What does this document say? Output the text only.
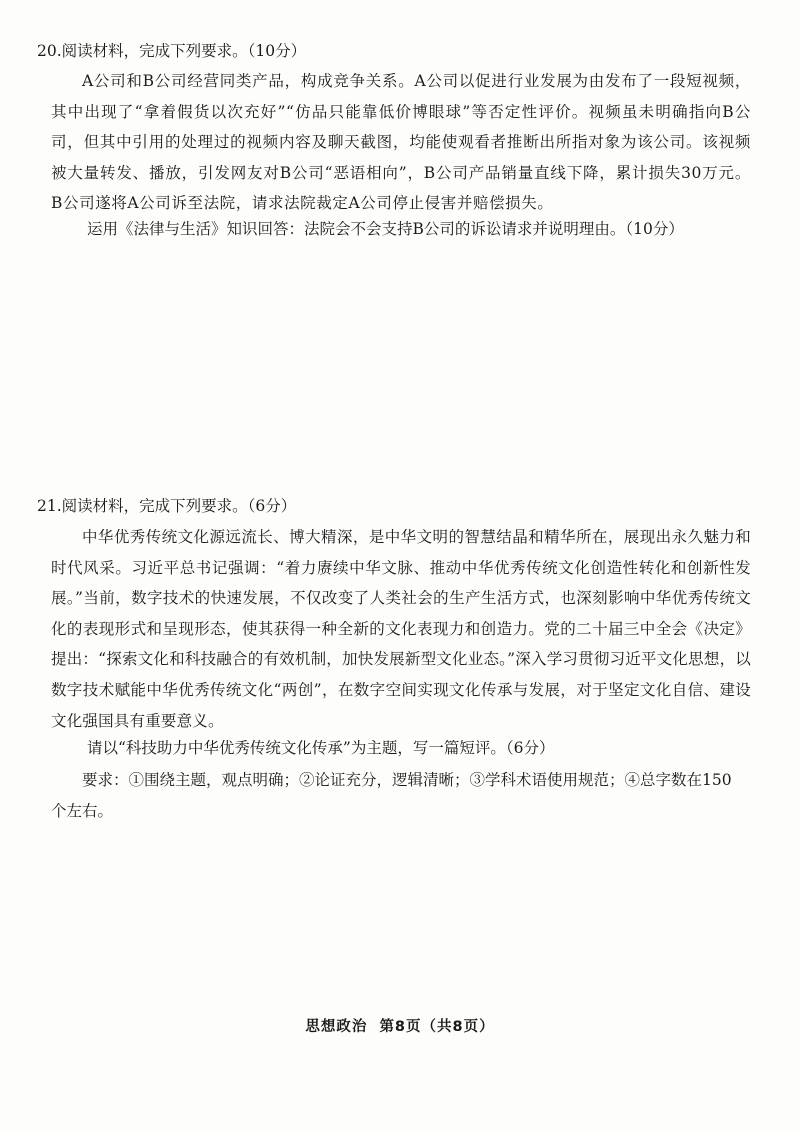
20.阅读材料，完成下列要求。（10分）

A公司和B公司经营同类产品，构成竞争关系。A公司以促进行业发展为由发布了一段短视频，其中出现了“拿着假货以次充好”“仿品只能靠低价博眼球”等否定性评价。视频虽未明确指向B公司，但其中引用的处理过的视频内容及聊天截图，均能使观看者推断出所指对象为该公司。该视频被大量转发、播放，引发网友对B公司“恶语相向”，B公司产品销量直线下降，累计损失30万元。B公司遂将A公司诉至法院，请求法院裁定A公司停止侵害并赔偿损失。

运用《法律与生活》知识回答：法院会不会支持B公司的诉讼请求并说明理由。（10分）
21.阅读材料，完成下列要求。（6分）

中华优秀传统文化源远流长、博大精深，是中华文明的智慧结晶和精华所在，展现出永久魅力和时代风采。习近平总书记强调：“着力赓续中华文脉、推动中华优秀传统文化创造性转化和创新性发展。”当前，数字技术的快速发展，不仅改变了人类社会的生产生活方式，也深刻影响中华优秀传统文化的表现形式和呈现形态，使其获得一种全新的文化表现力和创造力。党的二十届三中全会《决定》提出：“探索文化和科技融合的有效机制，加快发展新型文化业态。”深入学习贯彻习近平文化思想，以数字技术赋能中华优秀传统文化“两创”，在数字空间实现文化传承与发展，对于坚定文化自信、建设文化强国具有重要意义。

请以“科技助力中华优秀传统文化传承”为主题，写一篇短评。（6分）

要求：①围绕主题，观点明确；②论证充分，逻辑清晰；③学科术语使用规范；④总字数在150个左右。

思想政治 第8页（共8页）
